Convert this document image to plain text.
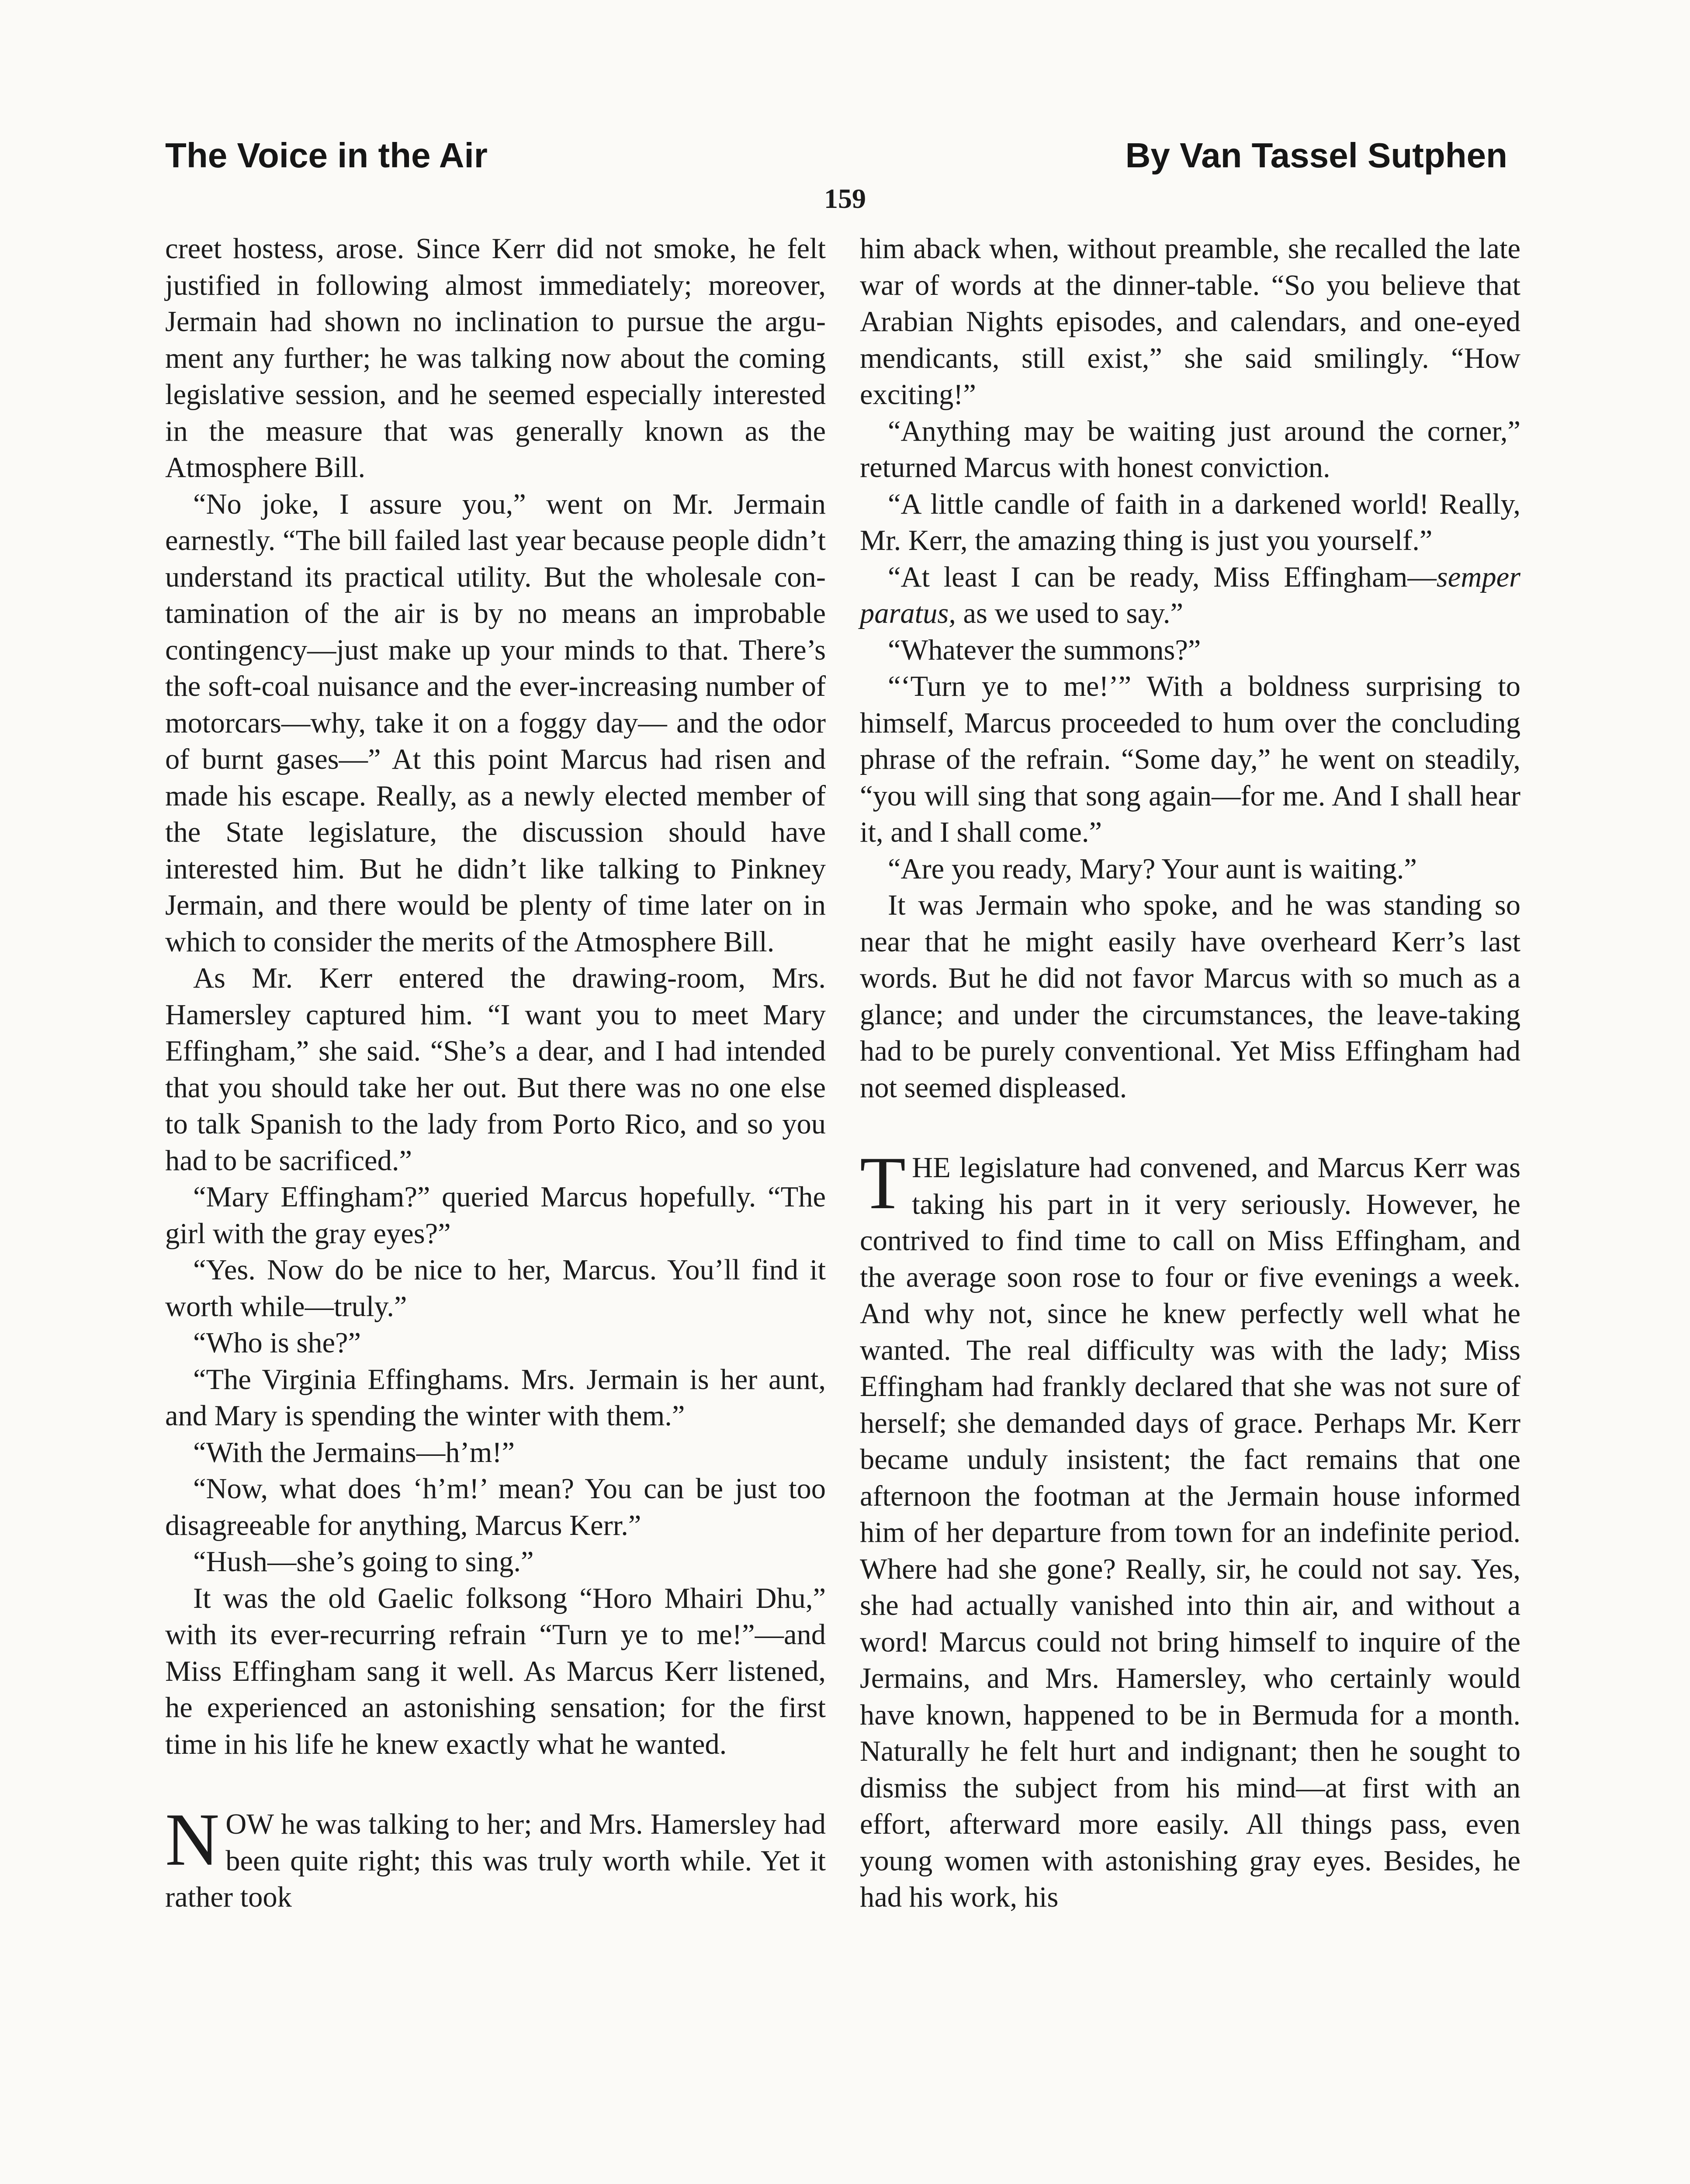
The Voice in the Air	By Van Tassel Sutphen
159

creet hostess, arose. Since Kerr did not smoke, he felt justified in following almost immediately; moreover, Jermain had shown no inclination to pursue the argument any further; he was talking now about the coming legislative session, and he seemed especially interested in the measure that was generally known as the Atmosphere Bill.

“No joke, I assure you,” went on Mr. Jermain earnestly. “The bill failed last year because people didn’t understand its practical utility. But the wholesale contamination of the air is by no means an improbable contingency—just make up your minds to that. There’s the soft-coal nuisance and the ever-increasing number of motorcars—why, take it on a foggy day— and the odor of burnt gases—” At this point Marcus had risen and made his escape. Really, as a newly elected member of the State legislature, the discussion should have interested him. But he didn’t like talking to Pinkney Jermain, and there would be plenty of time later on in which to consider the merits of the Atmosphere Bill.

As Mr. Kerr entered the drawing-room, Mrs. Hamersley captured him. “I want you to meet Mary Effingham,” she said. “She’s a dear, and I had intended that you should take her out. But there was no one else to talk Spanish to the lady from Porto Rico, and so you had to be sacrificed.”

“Mary Effingham?” queried Marcus hopefully. “The girl with the gray eyes?”

“Yes. Now do be nice to her, Marcus. You’ll find it worth while—truly.”

“Who is she?”

“The Virginia Effinghams. Mrs. Jermain is her aunt, and Mary is spending the winter with them.”

“With the Jermains—h’m!”

“Now, what does ‘h’m!’ mean? You can be just too disagreeable for anything, Marcus Kerr.”

“Hush—she’s going to sing.”

It was the old Gaelic folksong “Horo Mhairi Dhu,” with its ever-recurring refrain “Turn ye to me!”—and Miss Effingham sang it well. As Marcus Kerr listened, he experienced an astonishing sensation; for the first time in his life he knew exactly what he wanted.

NOW he was talking to her; and Mrs. Hamersley had been quite right; this was truly worth while. Yet it rather took

him aback when, without preamble, she recalled the late war of words at the dinner-table. “So you believe that Arabian Nights episodes, and calendars, and one-eyed mendicants, still exist,” she said smilingly. “How exciting!”

“Anything may be waiting just around the corner,” returned Marcus with honest conviction.

“A little candle of faith in a darkened world! Really, Mr. Kerr, the amazing thing is just you yourself.”

“At least I can be ready, Miss Effingham—semper paratus, as we used to say.”

“Whatever the summons?”

“‘Turn ye to me!’” With a boldness surprising to himself, Marcus proceeded to hum over the concluding phrase of the refrain. “Some day,” he went on steadily, “you will sing that song again—for me. And I shall hear it, and I shall come.”

“Are you ready, Mary? Your aunt is waiting.”

It was Jermain who spoke, and he was standing so near that he might easily have overheard Kerr’s last words. But he did not favor Marcus with so much as a glance; and under the circumstances, the leave-taking had to be purely conventional. Yet Miss Effingham had not seemed displeased.

THE legislature had convened, and Marcus Kerr was taking his part in it very seriously. However, he contrived to find time to call on Miss Effingham, and the average soon rose to four or five evenings a week. And why not, since he knew perfectly well what he wanted. The real difficulty was with the lady; Miss Effingham had frankly declared that she was not sure of herself; she demanded days of grace. Perhaps Mr. Kerr became unduly insistent; the fact remains that one afternoon the footman at the Jermain house informed him of her departure from town for an indefinite period. Where had she gone? Really, sir, he could not say. Yes, she had actually vanished into thin air, and without a word! Marcus could not bring himself to inquire of the Jermains, and Mrs. Hamersley, who certainly would have known, happened to be in Bermuda for a month. Naturally he felt hurt and indignant; then he sought to dismiss the subject from his mind—at first with an effort, afterward more easily. All things pass, even young women with astonishing gray eyes. Besides, he had his work, his
